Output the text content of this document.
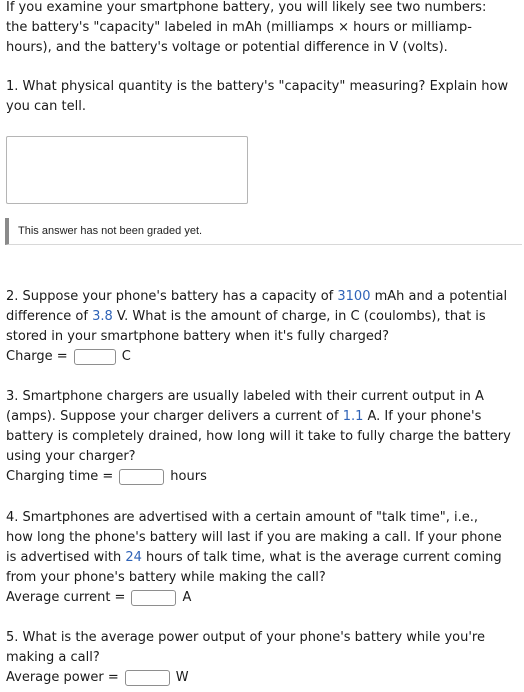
If you examine your smartphone battery, you will likely see two numbers:
the battery's "capacity" labeled in mAh (milliamps × hours or milliamp-
hours), and the battery's voltage or potential difference in V (volts).
1. What physical quantity is the battery's "capacity" measuring? Explain how
you can tell.
This answer has not been graded yet.
2. Suppose your phone's battery has a capacity of 3100 mAh and a potential
difference of 3.8 V. What is the amount of charge, in C (coulombs), that is
stored in your smartphone battery when it's fully charged?
Charge =	C
3. Smartphone chargers are usually labeled with their current output in A
(amps). Suppose your charger delivers a current of 1.1 A. If your phone's
battery is completely drained, how long will it take to fully charge the battery
using your charger?
Charging time =	hours
4. Smartphones are advertised with a certain amount of "talk time", i.e.,
how long the phone's battery will last if you are making a call. If your phone
is advertised with 24 hours of talk time, what is the average current coming
from your phone's battery while making the call?
Average current =	A
5. What is the average power output of your phone's battery while you're
making a call?
Average power =	W
